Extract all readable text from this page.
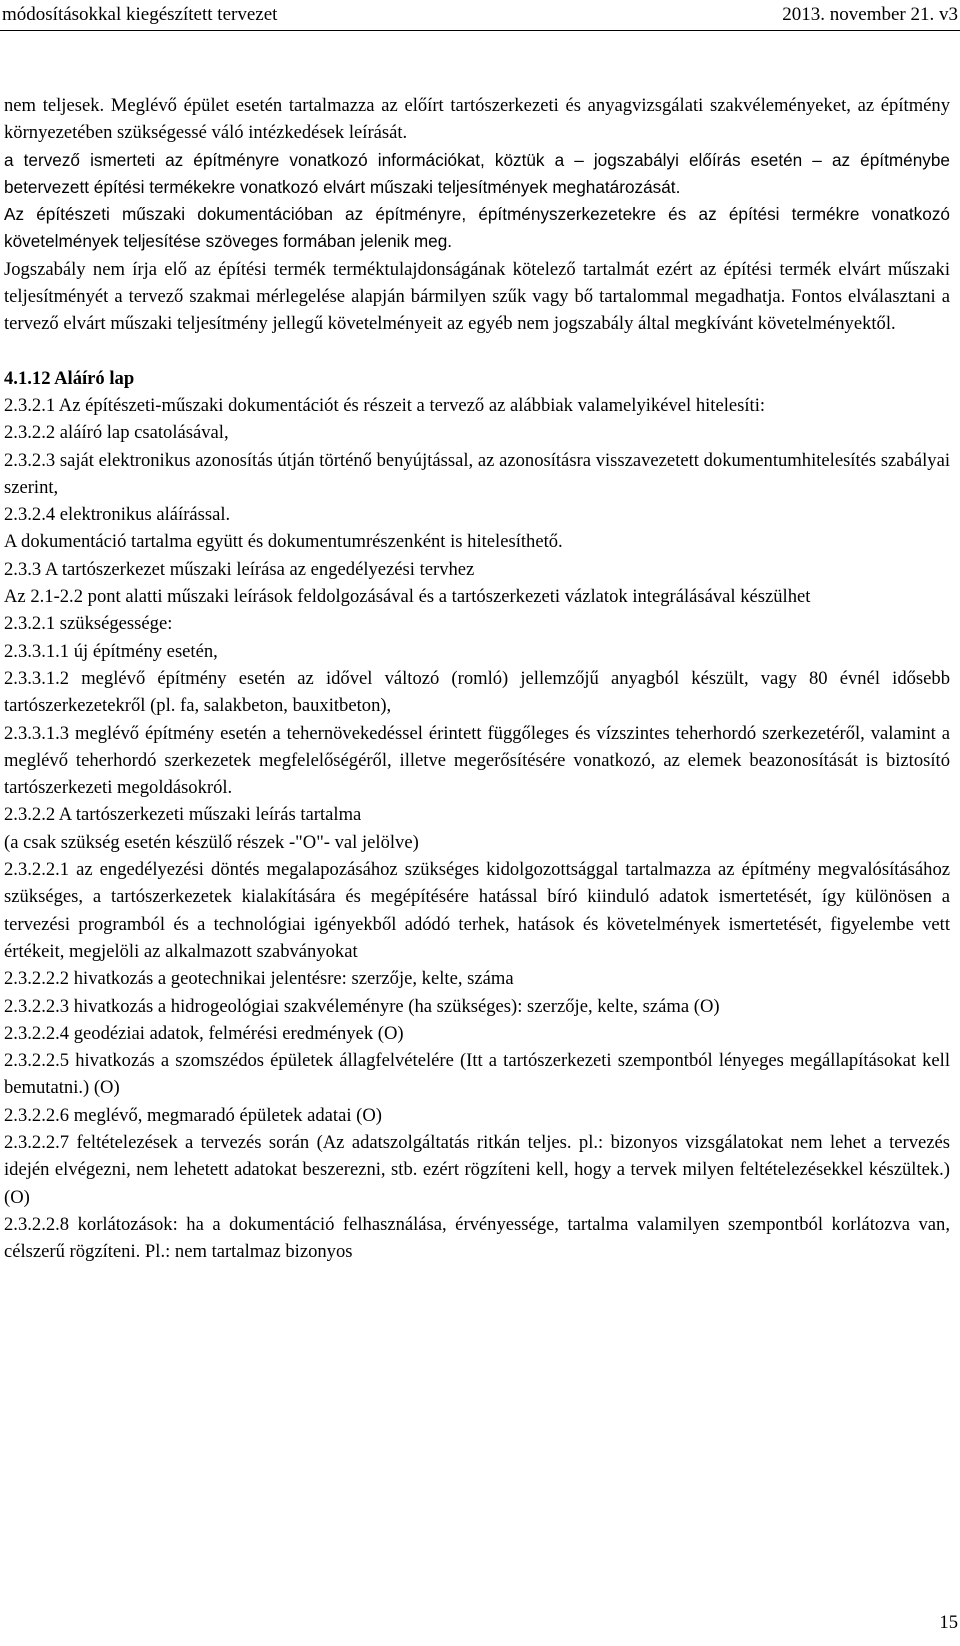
módosításokkal kiegészített tervezet	2013. november 21. v3

nem teljesek. Meglévő épület esetén tartalmazza az előírt tartószerkezeti és anyagvizsgálati szakvéleményeket, az építmény környezetében szükségessé váló intézkedések leírását.

a tervező ismerteti az építményre vonatkozó információkat, köztük a – jogszabályi előírás esetén – az építménybe betervezett építési termékekre vonatkozó elvárt műszaki teljesítmények meghatározását.

Az építészeti műszaki dokumentációban az építményre, építményszerkezetekre és az építési termékre vonatkozó követelmények teljesítése szöveges formában jelenik meg.

Jogszabály nem írja elő az építési termék terméktulajdonságának kötelező tartalmát ezért az építési termék elvárt műszaki teljesítményét a tervező szakmai mérlegelése alapján bármilyen szűk vagy bő tartalommal megadhatja. Fontos elválasztani a tervező elvárt műszaki teljesítmény jellegű követelményeit az egyéb nem jogszabály által megkívánt követelményektől.

4.1.12 Aláíró lap

2.3.2.1 Az építészeti-műszaki dokumentációt és részeit a tervező az alábbiak valamelyikével hitelesíti:

2.3.2.2 aláíró lap csatolásával,

2.3.2.3 saját elektronikus azonosítás útján történő benyújtással, az azonosításra visszavezetett dokumentumhitelesítés szabályai szerint,

2.3.2.4 elektronikus aláírással.

A dokumentáció tartalma együtt és dokumentumrészenként is hitelesíthető.

2.3.3 A tartószerkezet műszaki leírása az engedélyezési tervhez

Az 2.1-2.2 pont alatti műszaki leírások feldolgozásával és a tartószerkezeti vázlatok integrálásával készülhet

2.3.2.1 szükségessége:

2.3.3.1.1 új építmény esetén,

2.3.3.1.2 meglévő építmény esetén az idővel változó (romló) jellemzőjű anyagból készült, vagy 80 évnél idősebb tartószerkezetekről (pl. fa, salakbeton, bauxitbeton),

2.3.3.1.3 meglévő építmény esetén a tehernövekedéssel érintett függőleges és vízszintes teherhordó szerkezetéről, valamint a meglévő teherhordó szerkezetek megfelelőségéről, illetve megerősítésére vonatkozó, az elemek beazonosítását is biztosító tartószerkezeti megoldásokról.

2.3.2.2 A tartószerkezeti műszaki leírás tartalma

(a csak szükség esetén készülő részek -"O"- val jelölve)

2.3.2.2.1 az engedélyezési döntés megalapozásához szükséges kidolgozottsággal tartalmazza az építmény megvalósításához szükséges, a tartószerkezetek kialakítására és megépítésére hatással bíró kiinduló adatok ismertetését, így különösen a tervezési programból és a technológiai igényekből adódó terhek, hatások és követelmények ismertetését, figyelembe vett értékeit, megjelöli az alkalmazott szabványokat

2.3.2.2.2 hivatkozás a geotechnikai jelentésre: szerzője, kelte, száma

2.3.2.2.3 hivatkozás a hidrogeológiai szakvéleményre (ha szükséges): szerzője, kelte, száma (O)

2.3.2.2.4 geodéziai adatok, felmérési eredmények (O)

2.3.2.2.5 hivatkozás a szomszédos épületek állagfelvételére (Itt a tartószerkezeti szempontból lényeges megállapításokat kell bemutatni.) (O)

2.3.2.2.6 meglévő, megmaradó épületek adatai (O)

2.3.2.2.7 feltételezések a tervezés során (Az adatszolgáltatás ritkán teljes. pl.: bizonyos vizsgálatokat nem lehet a tervezés idején elvégezni, nem lehetett adatokat beszerezni, stb. ezért rögzíteni kell, hogy a tervek milyen feltételezésekkel készültek.) (O)

2.3.2.2.8 korlátozások: ha a dokumentáció felhasználása, érvényessége, tartalma valamilyen szempontból korlátozva van, célszerű rögzíteni. Pl.: nem tartalmaz bizonyos

15
